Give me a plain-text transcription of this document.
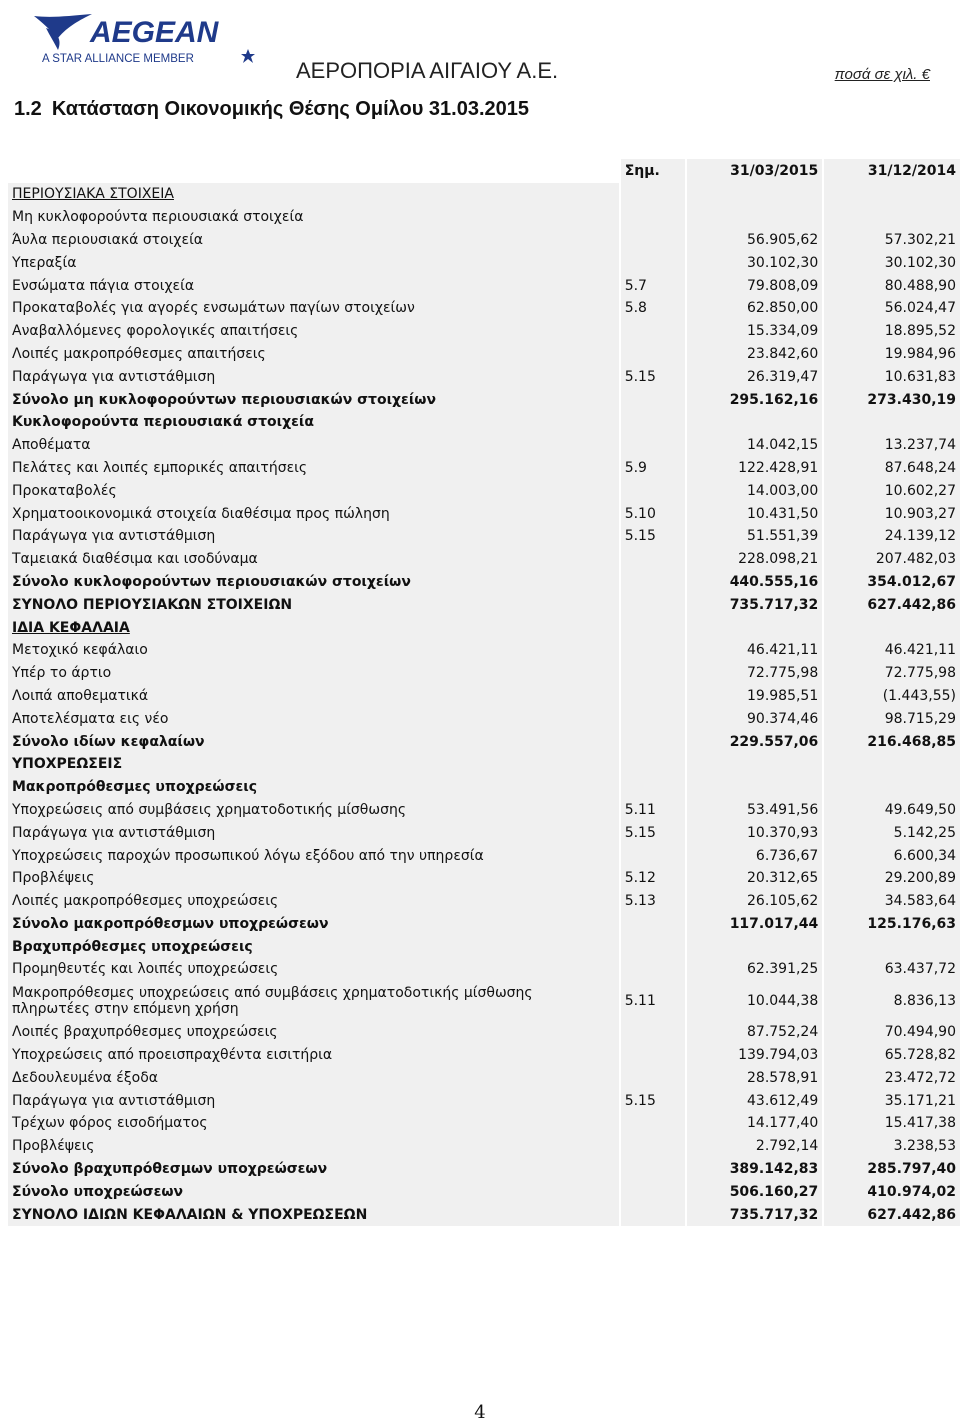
AEGEAN
A STAR ALLIANCE MEMBER	ΑΕΡΟΠΟΡΙΑ ΑΙΓΑΙΟΥ Α.Ε.	ποσά σε χιλ. €
1.2 Κατάσταση Οικονομικής Θέσης Ομίλου 31.03.2015
	Σημ.	31/03/2015	31/12/2014
ΠΕΡΙΟΥΣΙΑΚΑ ΣΤΟΙΧΕΙΑ			
Μη κυκλοφορούντα περιουσιακά στοιχεία			
Άυλα περιουσιακά στοιχεία		56.905,62	57.302,21
Υπεραξία		30.102,30	30.102,30
Ενσώματα πάγια στοιχεία	5.7	79.808,09	80.488,90
Προκαταβολές για αγορές ενσωμάτων παγίων στοιχείων	5.8	62.850,00	56.024,47
Αναβαλλόμενες φορολογικές απαιτήσεις		15.334,09	18.895,52
Λοιπές μακροπρόθεσμες απαιτήσεις		23.842,60	19.984,96
Παράγωγα για αντιστάθμιση	5.15	26.319,47	10.631,83
Σύνολο μη κυκλοφορούντων περιουσιακών στοιχείων		295.162,16	273.430,19
Κυκλοφορούντα περιουσιακά στοιχεία			
Αποθέματα		14.042,15	13.237,74
Πελάτες και λοιπές εμπορικές απαιτήσεις	5.9	122.428,91	87.648,24
Προκαταβολές		14.003,00	10.602,27
Χρηματοοικονομικά στοιχεία διαθέσιμα προς πώληση	5.10	10.431,50	10.903,27
Παράγωγα για αντιστάθμιση	5.15	51.551,39	24.139,12
Ταμειακά διαθέσιμα και ισοδύναμα		228.098,21	207.482,03
Σύνολο κυκλοφορούντων περιουσιακών στοιχείων		440.555,16	354.012,67
ΣΥΝΟΛΟ ΠΕΡΙΟΥΣΙΑΚΩΝ ΣΤΟΙΧΕΙΩΝ		735.717,32	627.442,86
ΙΔΙΑ ΚΕΦΑΛΑΙΑ			
Μετοχικό κεφάλαιο		46.421,11	46.421,11
Υπέρ το άρτιο		72.775,98	72.775,98
Λοιπά αποθεματικά		19.985,51	(1.443,55)
Αποτελέσματα εις νέο		90.374,46	98.715,29
Σύνολο ιδίων κεφαλαίων		229.557,06	216.468,85
ΥΠΟΧΡΕΩΣΕΙΣ			
Μακροπρόθεσμες υποχρεώσεις			
Υποχρεώσεις από συμβάσεις χρηματοδοτικής μίσθωσης	5.11	53.491,56	49.649,50
Παράγωγα για αντιστάθμιση	5.15	10.370,93	5.142,25
Υποχρεώσεις παροχών προσωπικού λόγω εξόδου από την υπηρεσία		6.736,67	6.600,34
Προβλέψεις	5.12	20.312,65	29.200,89
Λοιπές μακροπρόθεσμες υποχρεώσεις	5.13	26.105,62	34.583,64
Σύνολο μακροπρόθεσμων υποχρεώσεων		117.017,44	125.176,63
Βραχυπρόθεσμες υποχρεώσεις			
Προμηθευτές και λοιπές υποχρεώσεις		62.391,25	63.437,72
Μακροπρόθεσμες υποχρεώσεις από συμβάσεις χρηματοδοτικής μίσθωσης πληρωτέες στην επόμενη χρήση	5.11	10.044,38	8.836,13
Λοιπές βραχυπρόθεσμες υποχρεώσεις		87.752,24	70.494,90
Υποχρεώσεις από προεισπραχθέντα εισιτήρια		139.794,03	65.728,82
Δεδουλευμένα έξοδα		28.578,91	23.472,72
Παράγωγα για αντιστάθμιση	5.15	43.612,49	35.171,21
Τρέχων φόρος εισοδήματος		14.177,40	15.417,38
Προβλέψεις		2.792,14	3.238,53
Σύνολο βραχυπρόθεσμων υποχρεώσεων		389.142,83	285.797,40
Σύνολο υποχρεώσεων		506.160,27	410.974,02
ΣΥΝΟΛΟ ΙΔΙΩΝ ΚΕΦΑΛΑΙΩΝ & ΥΠΟΧΡΕΩΣΕΩΝ		735.717,32	627.442,86
4
